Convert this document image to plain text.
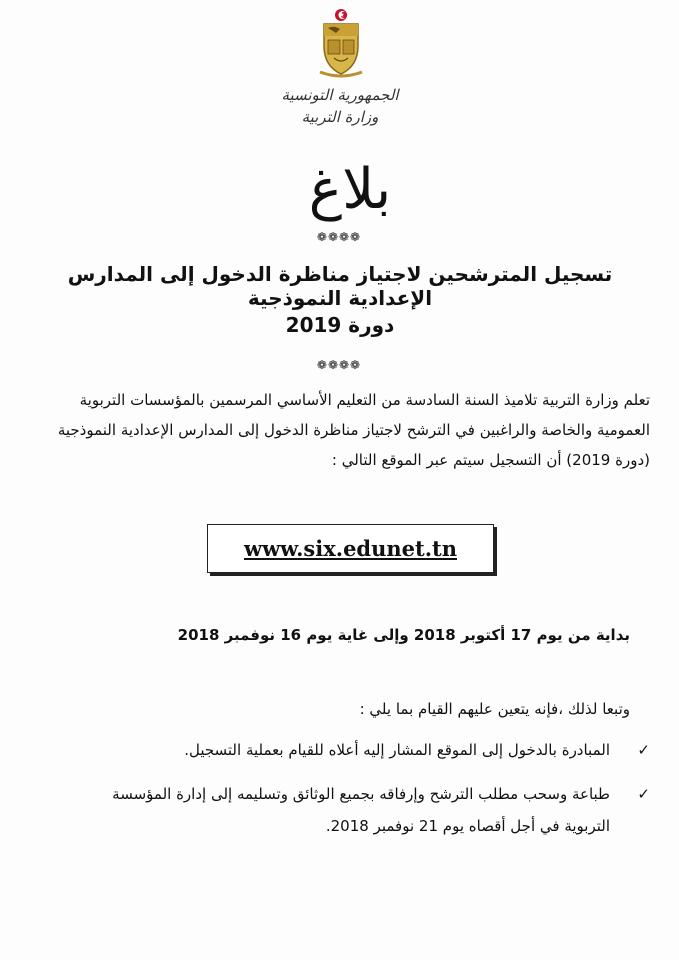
الجمهورية التونسية
وزارة التربية
بلاغ
❁❁❁❁
تسجيل المترشحين لاجتياز مناظرة الدخول إلى المدارس الإعدادية النموذجية
دورة 2019
❁❁❁❁
تعلم وزارة التربية تلاميذ السنة السادسة من التعليم الأساسي المرسمين بالمؤسسات التربوية
العمومية والخاصة والراغبين في الترشح لاجتياز مناظرة الدخول إلى المدارس الإعدادية النموذجية
(دورة 2019) أن التسجيل سيتم عبر الموقع التالي :
www.six.edunet.tn
بداية من يوم 17 أكتوبر 2018 وإلى غاية يوم 16 نوفمبر 2018
وتبعا لذلك ،فإنه يتعين عليهم القيام بما يلي :
✓
المبادرة بالدخول إلى الموقع المشار إليه أعلاه للقيام بعملية التسجيل.
✓
طباعة وسحب مطلب الترشح وإرفاقه بجميع الوثائق وتسليمه إلى إدارة المؤسسة
التربوية في أجل أقصاه يوم 21 نوفمبر 2018.
